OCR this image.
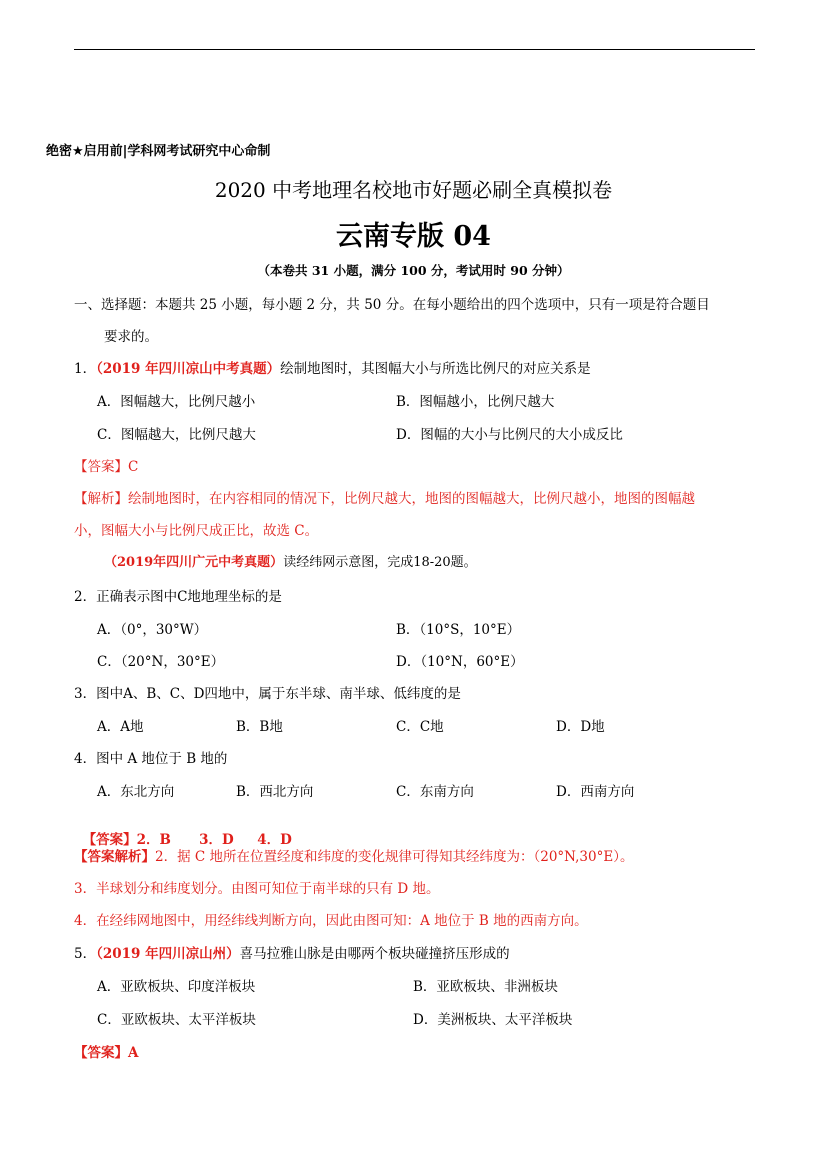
绝密★启用前|学科网考试研究中心命制
2020 中考地理名校地市好题必刷全真模拟卷
云南专版 04
（本卷共 31 小题，满分 100 分，考试用时 90 分钟）
一、选择题：本题共 25 小题，每小题 2 分，共 50 分。在每小题给出的四个选项中，只有一项是符合题目
要求的。
1．（2019 年四川凉山中考真题）绘制地图时，其图幅大小与所选比例尺的对应关系是
A．图幅越大，比例尺越小	B．图幅越小，比例尺越大
C．图幅越大，比例尺越大	D．图幅的大小与比例尺的大小成反比
【答案】C
【解析】绘制地图时，在内容相同的情况下，比例尺越大，地图的图幅越大，比例尺越小，地图的图幅越
小，图幅大小与比例尺成正比，故选 C。
（2019年四川广元中考真题）读经纬网示意图，完成18-20题。
2．正确表示图中C地地理坐标的是
A．（0°，30°W）	B．（10°S，10°E）
C．（20°N，30°E）	D．（10°N，60°E）
3．图中A、B、C、D四地中，属于东半球、南半球、低纬度的是
A．A地	B．B地	C．C地	D．D地
4．图中 A 地位于 B 地的
A．东北方向	B．西北方向	C．东南方向	D．西南方向

【答案】2．B      3．D     4．D

【答案解析】2．据 C 地所在位置经度和纬度的变化规律可得知其经纬度为：（20°N,30°E）。
3．半球划分和纬度划分。由图可知位于南半球的只有 D 地。
4．在经纬网地图中，用经纬线判断方向，因此由图可知：A 地位于 B 地的西南方向。
5．（2019 年四川凉山州）喜马拉雅山脉是由哪两个板块碰撞挤压形成的
A．亚欧板块、印度洋板块	B．亚欧板块、非洲板块
C．亚欧板块、太平洋板块	D．美洲板块、太平洋板块
【答案】A
